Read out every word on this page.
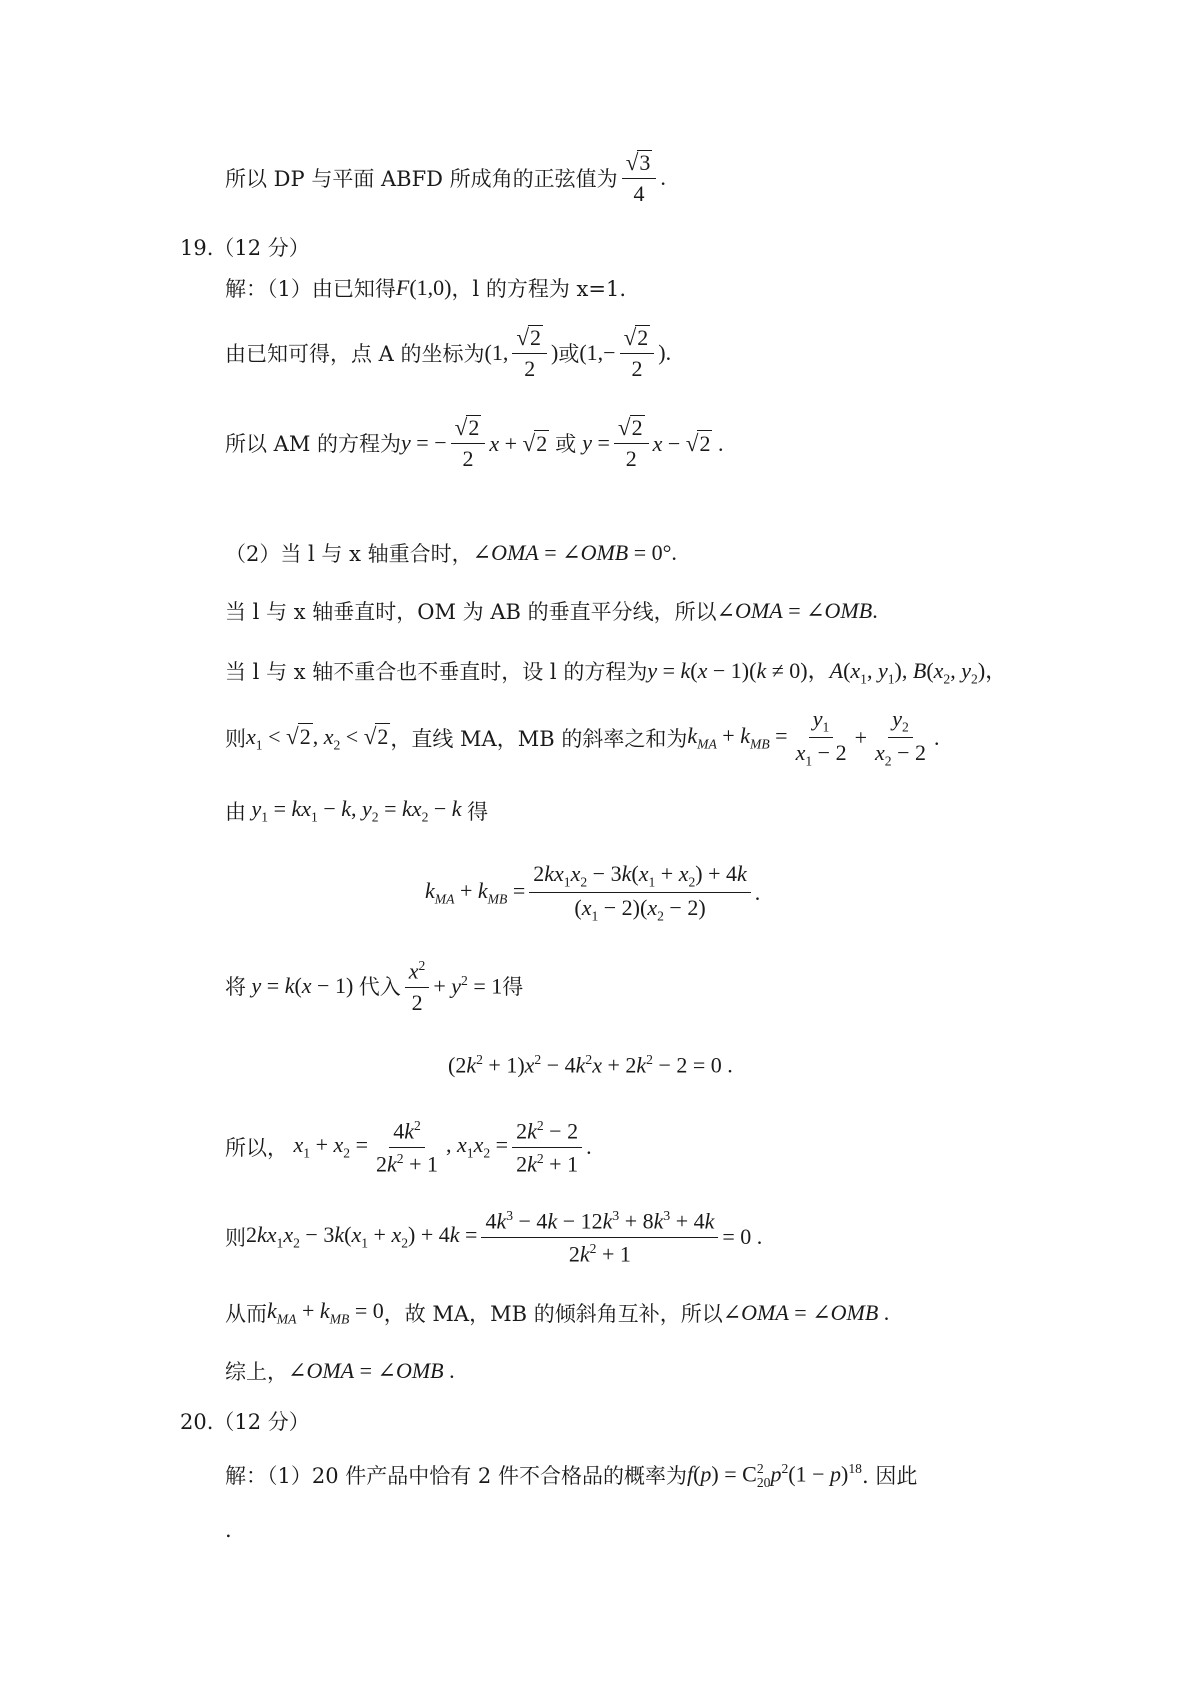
所以 DP 与平面 ABFD 所成角的正弦值为 $\frac{√ 3}{4}$ .
19.（12 分）
解：（1）由已知得 F(1,0) ，l 的方程为 x=1.
由已知可得，点 A 的坐标为 (1, $\frac{√ 2}{2}$ ) 或 ($1,- \frac{√ 2}{2}$ ).
所以 AM 的方程为 y = − $\frac{√ 2}{2}$ x + √ 2 或 $y = \frac{√ 2}{2}$ x − √ 2 .
（2）当 l 与 x 轴重合时， ∠OMA = ∠OMB = 0°.
当 l 与 x 轴垂直时，OM 为 AB 的垂直平分线，所以 ∠OMA = ∠OMB.
当 l 与 x 轴不重合也不垂直时，设 l 的方程为 y = k(x − 1)(k ≠ 0)，$A(x_1$, $y_1$), $B(x_2$, $y_2$)，
则 $x_1$ < √ 2 , $x_2$ < √ 2 ，直线 MA，MB 的斜率之和为 $k_{MA} + k_{MB} = \frac{y_1}{x_1 - 2} + \frac{y_2}{x_2 - 2}$ .
由 $y_1 = kx_1 - k$, $y_2 = kx_2 - k$ 得
$k_{MA} + k_{MB} = \frac{2kx_1x_2 - 3k(x_1 + x_2) + 4k}{(x_1 - 2)(x_2 - 2)}$ .
将 y = k(x − 1) 代入 $\frac{x^2}{2} + y^2 = 1$ 得
$(2k^2 + 1)x^2 - 4k^2x + 2k^2 - 2 = 0$ .
所以， $x_1 + x_2 = \frac{4k^2}{2k^2 + 1}$ , $x_1x_2 = \frac{2k^2 - 2}{2k^2 + 1}$ .
则 $2kx_1x_2 - 3k(x_1 + x_2) + 4k = \frac{4k^3 - 4k - 12k^3 + 8k^3 + 4k}{2k^2 + 1} = 0$ .
从而 $k_{MA} + k_{MB} = 0$ ，故 MA，MB 的倾斜角互补，所以 ∠OMA = ∠OMB .
综上， ∠OMA = ∠OMB .
20.（12 分）
解：（1）20 件产品中恰有 2 件不合格品的概率为 f(p) = C 2
20 $p^2(1 - p)^{18}$ . 因此
.
